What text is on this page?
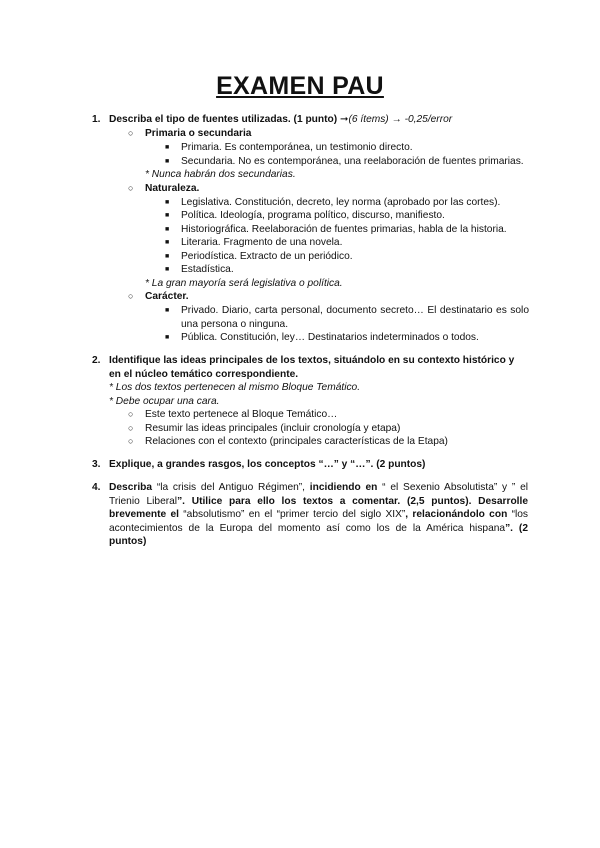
EXAMEN PAU
1. Describa el tipo de fuentes utilizadas. (1 punto) ➞(6 ítems) → -0,25/error
○ Primaria o secundaria
■ Primaria. Es contemporánea, un testimonio directo.
■ Secundaria. No es contemporánea, una reelaboración de fuentes primarias.
* Nunca habrán dos secundarias.
○ Naturaleza.
■ Legislativa. Constitución, decreto, ley norma (aprobado por las cortes).
■ Política. Ideología, programa político, discurso, manifiesto.
■ Historiográfica. Reelaboración de fuentes primarias, habla de la historia.
■ Literaria. Fragmento de una novela.
■ Periodística. Extracto de un periódico.
■ Estadística.
* La gran mayoría será legislativa o política.
○ Carácter.
■ Privado. Diario, carta personal, documento secreto… El destinatario es solo una persona o ninguna.
■ Pública. Constitución, ley… Destinatarios indeterminados o todos.
2. Identifique las ideas principales de los textos, situándolo en su contexto histórico y en el núcleo temático correspondiente.
* Los dos textos pertenecen al mismo Bloque Temático.
* Debe ocupar una cara.
○ Este texto pertenece al Bloque Temático…
○ Resumir las ideas principales (incluir cronología y etapa)
○ Relaciones con el contexto (principales características de la Etapa)
3. Explique, a grandes rasgos, los conceptos “…” y “…”. (2 puntos)
4. Describa “la crisis del Antiguo Régimen”, incidiendo en “ el Sexenio Absolutista” y ” el Trienio Liberal”. Utilice para ello los textos a comentar. (2,5 puntos). Desarrolle brevemente el “absolutismo” en el “primer tercio del siglo XIX”, relacionándolo con “los acontecimientos de la Europa del momento así como los de la América hispana”. (2 puntos)
